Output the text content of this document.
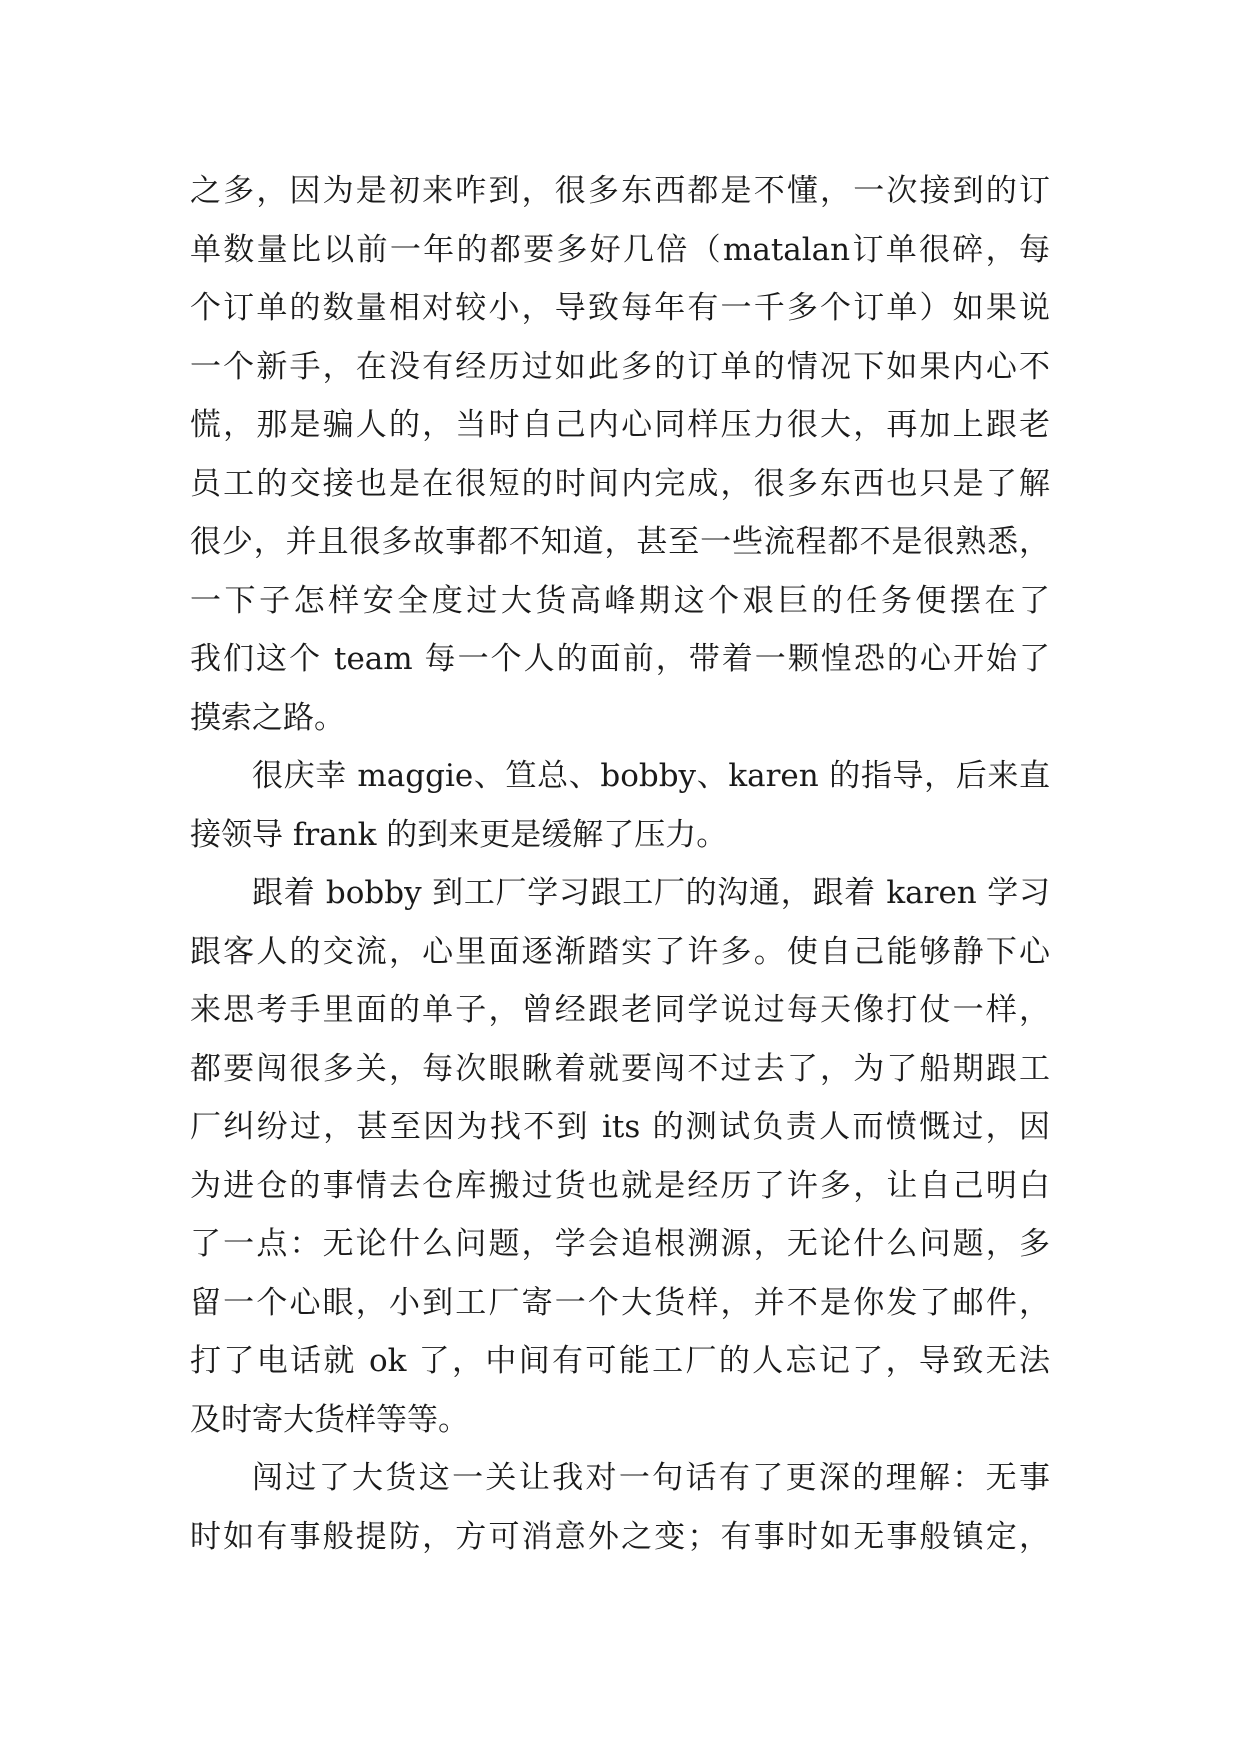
之多，因为是初来咋到，很多东西都是不懂，一次接到的订
单数量比以前一年的都要多好几倍（matalan订单很碎，每
个订单的数量相对较小，导致每年有一千多个订单）如果说
一个新手，在没有经历过如此多的订单的情况下如果内心不
慌，那是骗人的，当时自己内心同样压力很大，再加上跟老
员工的交接也是在很短的时间内完成，很多东西也只是了解
很少，并且很多故事都不知道，甚至一些流程都不是很熟悉，
一下子怎样安全度过大货高峰期这个艰巨的任务便摆在了
我们这个 team 每一个人的面前，带着一颗惶恐的心开始了
摸索之路。
很庆幸 maggie、笪总、bobby、karen 的指导，后来直
接领导 frank 的到来更是缓解了压力。
跟着 bobby 到工厂学习跟工厂的沟通，跟着 karen 学习
跟客人的交流，心里面逐渐踏实了许多。使自己能够静下心
来思考手里面的单子，曾经跟老同学说过每天像打仗一样，
都要闯很多关，每次眼瞅着就要闯不过去了，为了船期跟工
厂纠纷过，甚至因为找不到 its 的测试负责人而愤慨过，因
为进仓的事情去仓库搬过货也就是经历了许多，让自己明白
了一点：无论什么问题，学会追根溯源，无论什么问题，多
留一个心眼，小到工厂寄一个大货样，并不是你发了邮件，
打了电话就 ok 了，中间有可能工厂的人忘记了，导致无法
及时寄大货样等等。
闯过了大货这一关让我对一句话有了更深的理解：无事
时如有事般提防，方可消意外之变；有事时如无事般镇定，
